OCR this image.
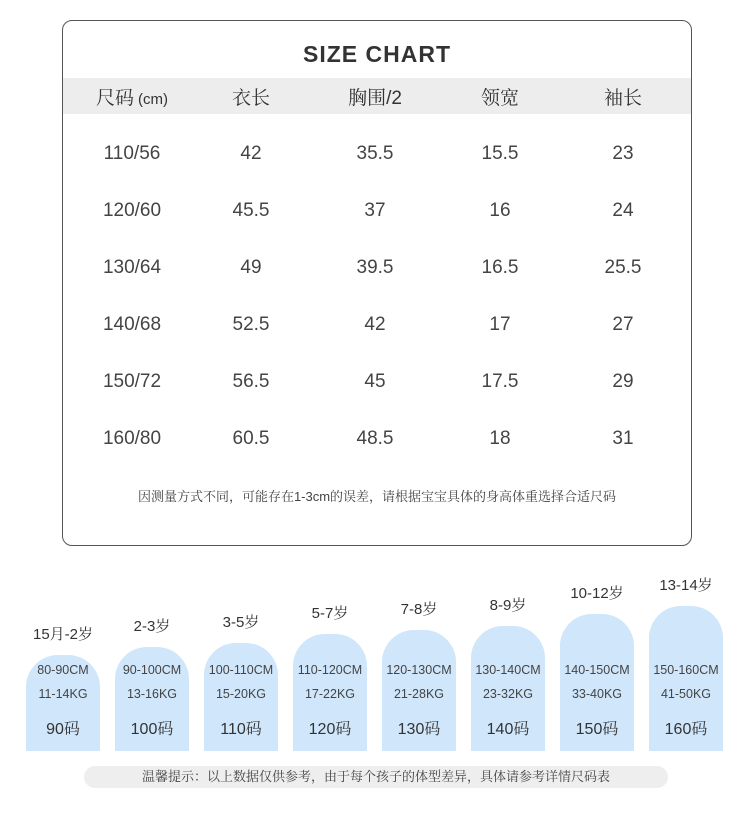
SIZE CHART
尺码 (cm)	衣长	胸围/2	领宽	袖长
110/56	42	35.5	15.5	23
120/60	45.5	37	16	24
130/64	49	39.5	16.5	25.5
140/68	52.5	42	17	27
150/72	56.5	45	17.5	29
160/80	60.5	48.5	18	31
因测量方式不同，可能存在1-3cm的误差，请根据宝宝具体的身高体重选择合适尺码
15月-2岁
80-90CM
11-14KG
90码
2-3岁
90-100CM
13-16KG
100码
3-5岁
100-110CM
15-20KG
110码
5-7岁
110-120CM
17-22KG
120码
7-8岁
120-130CM
21-28KG
130码
8-9岁
130-140CM
23-32KG
140码
10-12岁
140-150CM
33-40KG
150码
13-14岁
150-160CM
41-50KG
160码
温馨提示：以上数据仅供参考，由于每个孩子的体型差异，具体请参考详情尺码表
